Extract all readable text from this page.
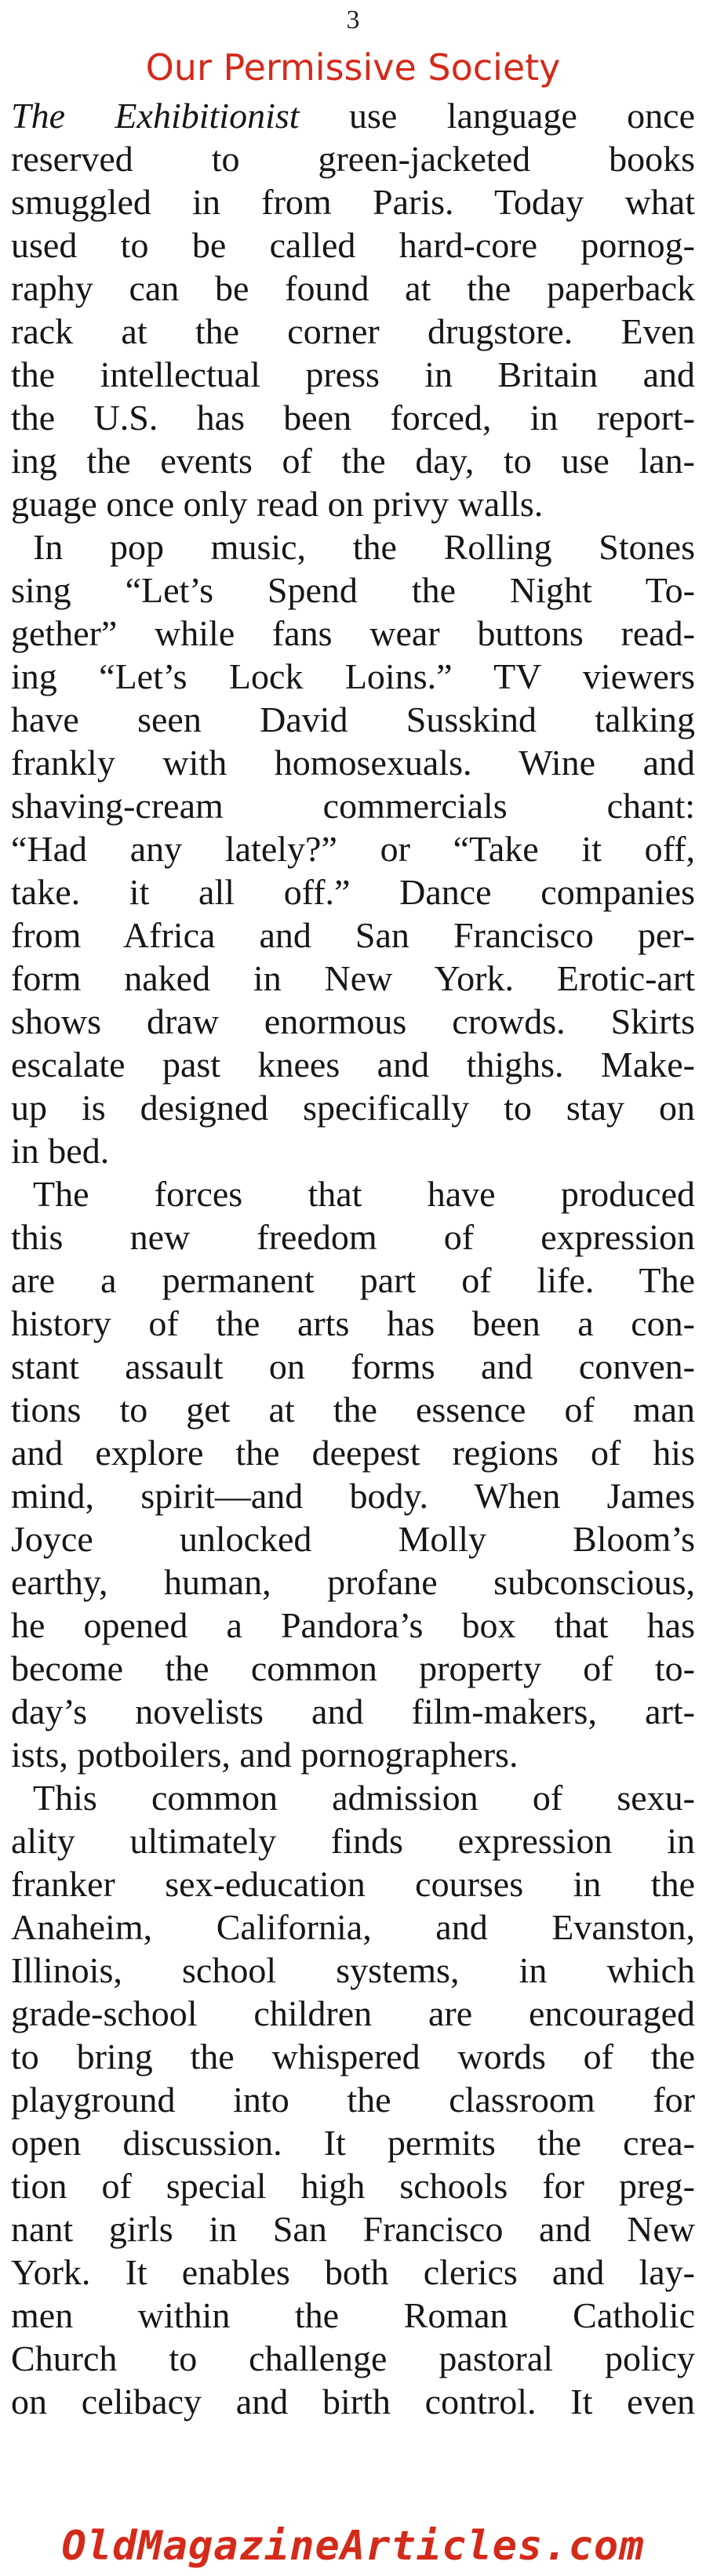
3
Our Permissive Society
The Exhibitionist use language once
reserved to green-jacketed books
smuggled in from Paris. Today what
used to be called hard-core pornog-
raphy can be found at the paperback
rack at the corner drugstore. Even
the intellectual press in Britain and
the U.S. has been forced, in report-
ing the events of the day, to use lan-
guage once only read on privy walls.
In pop music, the Rolling Stones
sing “Let’s Spend the Night To-
gether” while fans wear buttons read-
ing “Let’s Lock Loins.” TV viewers
have seen David Susskind talking
frankly with homosexuals. Wine and
shaving-cream commercials chant:
“Had any lately?” or “Take it off,
take. it all off.” Dance companies
from Africa and San Francisco per-
form naked in New York. Erotic-art
shows draw enormous crowds. Skirts
escalate past knees and thighs. Make-
up is designed specifically to stay on
in bed.
The forces that have produced
this new freedom of expression
are a permanent part of life. The
history of the arts has been a con-
stant assault on forms and conven-
tions to get at the essence of man
and explore the deepest regions of his
mind, spirit—and body. When James
Joyce unlocked Molly Bloom’s
earthy, human, profane subconscious,
he opened a Pandora’s box that has
become the common property of to-
day’s novelists and film-makers, art-
ists, potboilers, and pornographers.
This common admission of sexu-
ality ultimately finds expression in
franker sex-education courses in the
Anaheim, California, and Evanston,
Illinois, school systems, in which
grade-school children are encouraged
to bring the whispered words of the
playground into the classroom for
open discussion. It permits the crea-
tion of special high schools for preg-
nant girls in San Francisco and New
York. It enables both clerics and lay-
men within the Roman Catholic
Church to challenge pastoral policy
on celibacy and birth control. It even
OldMagazineArticles.com
